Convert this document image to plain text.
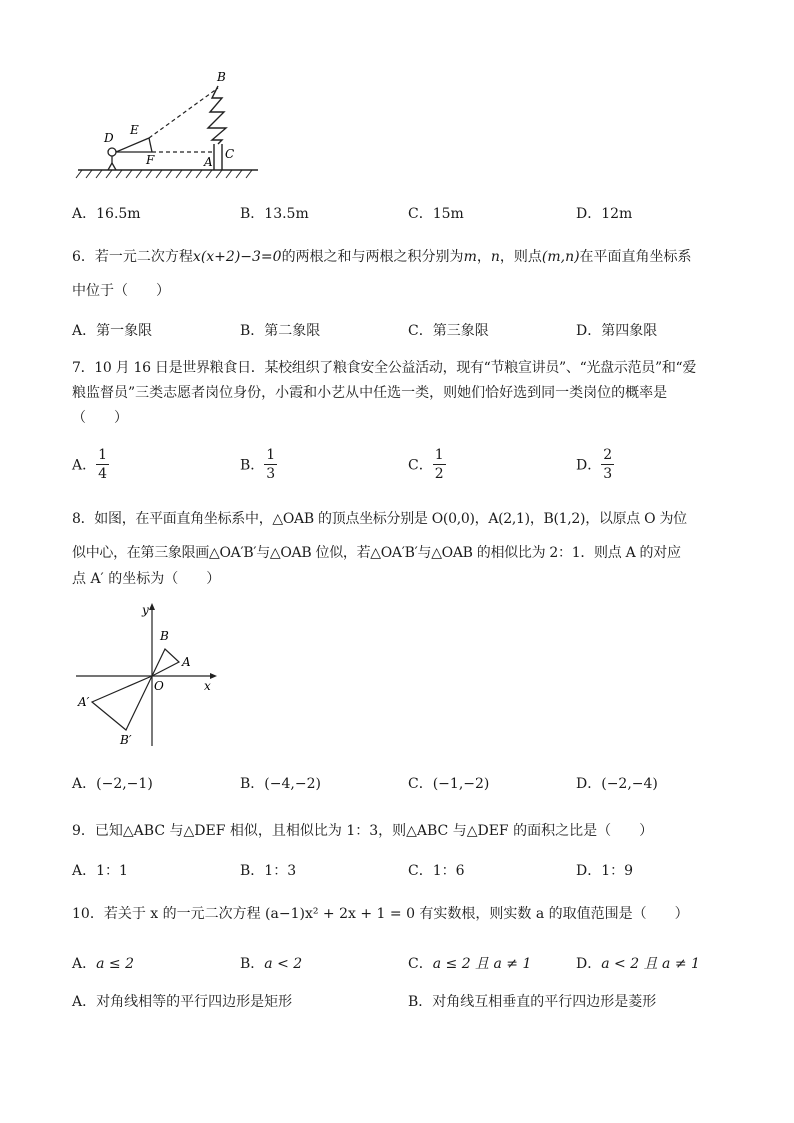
B
E
D
F	A
C
A．16.5m	B．13.5m	C．15m	D．12m
6．若一元二次方程x(x+2)−3=0的两根之和与两根之积分别为m，n，则点(m,n)在平面直角坐标系
中位于（　　）
A．第一象限	B．第二象限	C．第三象限	D．第四象限
7．10 月 16 日是世界粮食日．某校组织了粮食安全公益活动，现有“节粮宣讲员”、“光盘示范员”和“爱
粮监督员”三类志愿者岗位身份，小霞和小艺从中任选一类，则她们恰好选到同一类岗位的概率是
（　　）
A． $\frac{1}{4}$	B． $\frac{1}{3}$	C． $\frac{1}{2}$	D． $\frac{2}{3}$
8．如图，在平面直角坐标系中，△OAB 的顶点坐标分别是 O(0,0)，A(2,1)，B(1,2)，以原点 O 为位
似中心，在第三象限画△OA′B′与△OAB 位似，若△OA′B′与△OAB 的相似比为 2：1．则点 A 的对应
点 A′ 的坐标为（　　）
y
x
O
A
B
A′
B′
A．(−2,−1)	B．(−4,−2)	C．(−1,−2)	D．(−2,−4)
9．已知△ABC 与△DEF 相似，且相似比为 1：3，则△ABC 与△DEF 的面积之比是（　　）
A．1：1	B．1：3	C．1：6	D．1：9
10．若关于 x 的一元二次方程 (a−1)x² + 2x + 1 = 0 有实数根，则实数 a 的取值范围是（　　）
A．a ≤ 2	B．a < 2	C．a ≤ 2 且 a ≠ 1	D．a < 2 且 a ≠ 1
A．对角线相等的平行四边形是矩形	B．对角线互相垂直的平行四边形是菱形
